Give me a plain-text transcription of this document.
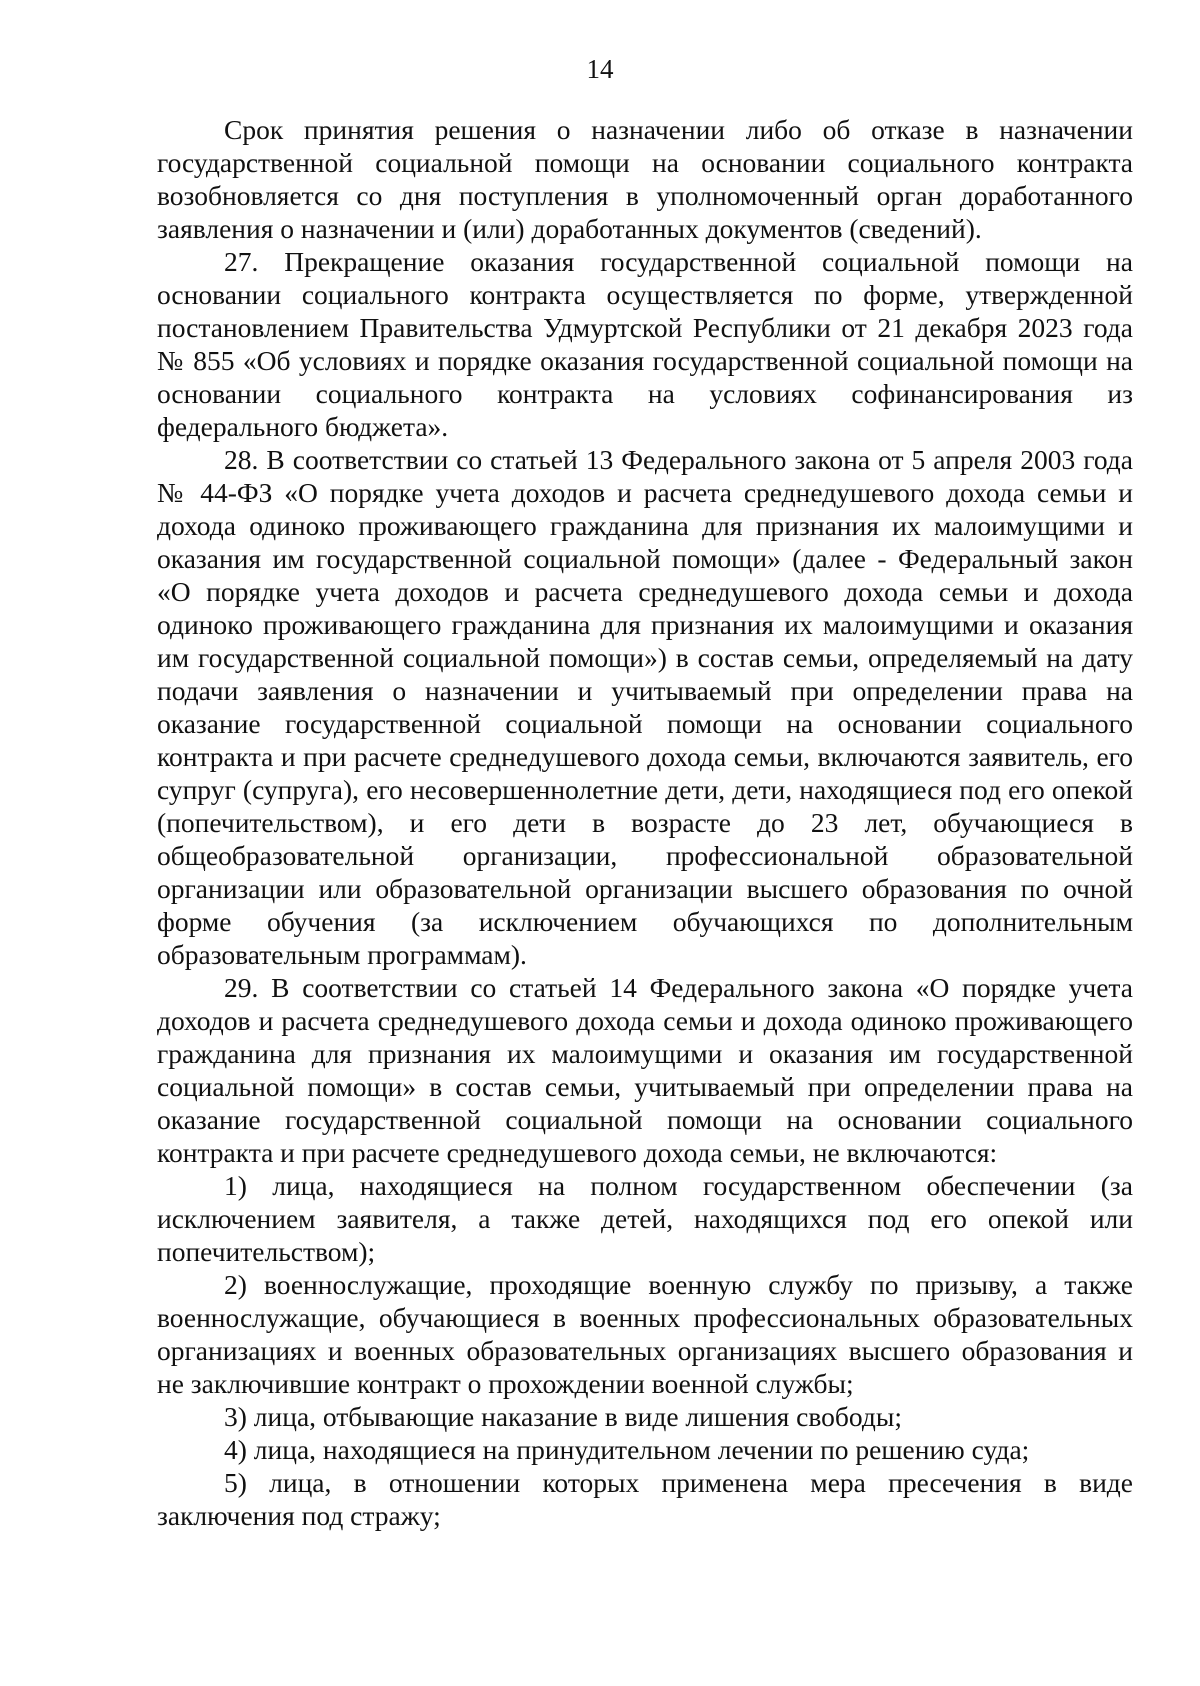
14

Срок принятия решения о назначении либо об отказе в назначении государственной социальной помощи на основании социального контракта возобновляется со дня поступления в уполномоченный орган доработанного заявления о назначении и (или) доработанных документов (сведений).

27. Прекращение оказания государственной социальной помощи на основании социального контракта осуществляется по форме, утвержденной постановлением Правительства Удмуртской Республики от 21 декабря 2023 года № 855 «Об условиях и порядке оказания государственной социальной помощи на основании социального контракта на условиях софинансирования из федерального бюджета».

28. В соответствии со статьей 13 Федерального закона от 5 апреля 2003 года № 44-ФЗ «О порядке учета доходов и расчета среднедушевого дохода семьи и дохода одиноко проживающего гражданина для признания их малоимущими и оказания им государственной социальной помощи» (далее - Федеральный закон «О порядке учета доходов и расчета среднедушевого дохода семьи и дохода одиноко проживающего гражданина для признания их малоимущими и оказания им государственной социальной помощи») в состав семьи, определяемый на дату подачи заявления о назначении и учитываемый при определении права на оказание государственной социальной помощи на основании социального контракта и при расчете среднедушевого дохода семьи, включаются заявитель, его супруг (супруга), его несовершеннолетние дети, дети, находящиеся под его опекой (попечительством), и его дети в возрасте до 23 лет, обучающиеся в общеобразовательной организации, профессиональной образовательной организации или образовательной организации высшего образования по очной форме обучения (за исключением обучающихся по дополнительным образовательным программам).

29. В соответствии со статьей 14 Федерального закона «О порядке учета доходов и расчета среднедушевого дохода семьи и дохода одиноко проживающего гражданина для признания их малоимущими и оказания им государственной социальной помощи» в состав семьи, учитываемый при определении права на оказание государственной социальной помощи на основании социального контракта и при расчете среднедушевого дохода семьи, не включаются:

1) лица, находящиеся на полном государственном обеспечении (за исключением заявителя, а также детей, находящихся под его опекой или попечительством);

2) военнослужащие, проходящие военную службу по призыву, а также военнослужащие, обучающиеся в военных профессиональных образовательных организациях и военных образовательных организациях высшего образования и не заключившие контракт о прохождении военной службы;

3) лица, отбывающие наказание в виде лишения свободы;

4) лица, находящиеся на принудительном лечении по решению суда;

5) лица, в отношении которых применена мера пресечения в виде заключения под стражу;
